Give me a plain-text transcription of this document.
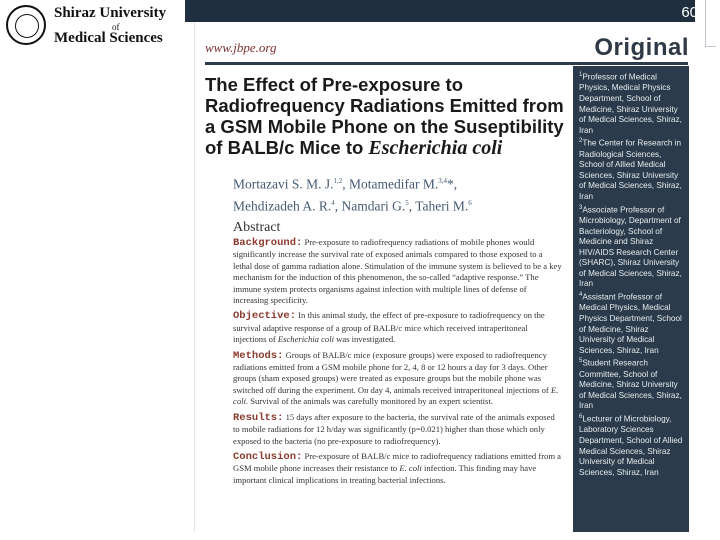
Shiraz University
of
Medical Sciences
60
www.jbpe.org	Original
The Effect of Pre-exposure to Radiofrequency Radiations Emitted from a GSM Mobile Phone on the Suseptibility of BALB/c Mice to Escherichia coli
Mortazavi S. M. J.$^{1,2}$, Motamedifar M.$^{3,4}$*,
Mehdizadeh A. R.$^4$, Namdari G.$^5$, Taheri M.$^6$
Abstract

Background: Pre-exposure to radiofrequency radiations of mobile phones would significantly increase the survival rate of exposed animals compared to those exposed to a lethal dose of gamma radiation alone. Stimulation of the immune system is believed to be a key mechanism for the induction of this phenomenon, the so-called “adaptive response.” The immune system protects organisms against infection with multiple lines of defense of increasing specificity.

Objective: In this animal study, the effect of pre-exposure to radiofrequency on the survival adaptive response of a group of BALB/c mice which received intraperitoneal injections of Escherichia coli was investigated.

Methods: Groups of BALB/c mice (exposure groups) were exposed to radiofrequency radiations emitted from a GSM mobile phone for 2, 4, 8 or 12 hours a day for 3 days. Other groups (sham exposed groups) were treated as exposure groups but the mobile phone was switched off during the experiment. On day 4, animals received intraperitoneal injections of E. coli. Survival of the animals was carefully monitored by an expert scientist.

Results: 15 days after exposure to the bacteria, the survival rate of the animals exposed to mobile radiations for 12 h/day was significantly (p=0.021) higher than those which only exposed to the bacteria (no pre-exposure to radiofrequency).

Conclusion: Pre-exposure of BALB/c mice to radiofrequency radiations emitted from a GSM mobile phone increases their resistance to E. coli infection. This finding may have important clinical implications in treating bacterial infections.

$^1$Professor of Medical Physics, Medical Physics Department, School of Medicine, Shiraz University of Medical Sciences, Shiraz, Iran

$^2$The Center for Research in Radiological Sciences, School of Allied Medical Sciences, Shiraz University of Medical Sciences, Shiraz, Iran

$^3$Associate Professor of Microbiology, Department of Bacteriology, School of Medicine and Shiraz HIV/AIDS Research Center (SHARC), Shiraz University of Medical Sciences, Shiraz, Iran

$^4$Assistant Professor of Medical Physics, Medical Physics Department, School of Medicine, Shiraz University of Medical Sciences, Shiraz, Iran

$^5$Student Research Committee, School of Medicine, Shiraz University of Medical Sciences, Shiraz, Iran

$^6$Lecturer of Microbiology, Laboratory Sciences Department, School of Allied Medical Sciences, Shiraz University of Medical Sciences, Shiraz, Iran
